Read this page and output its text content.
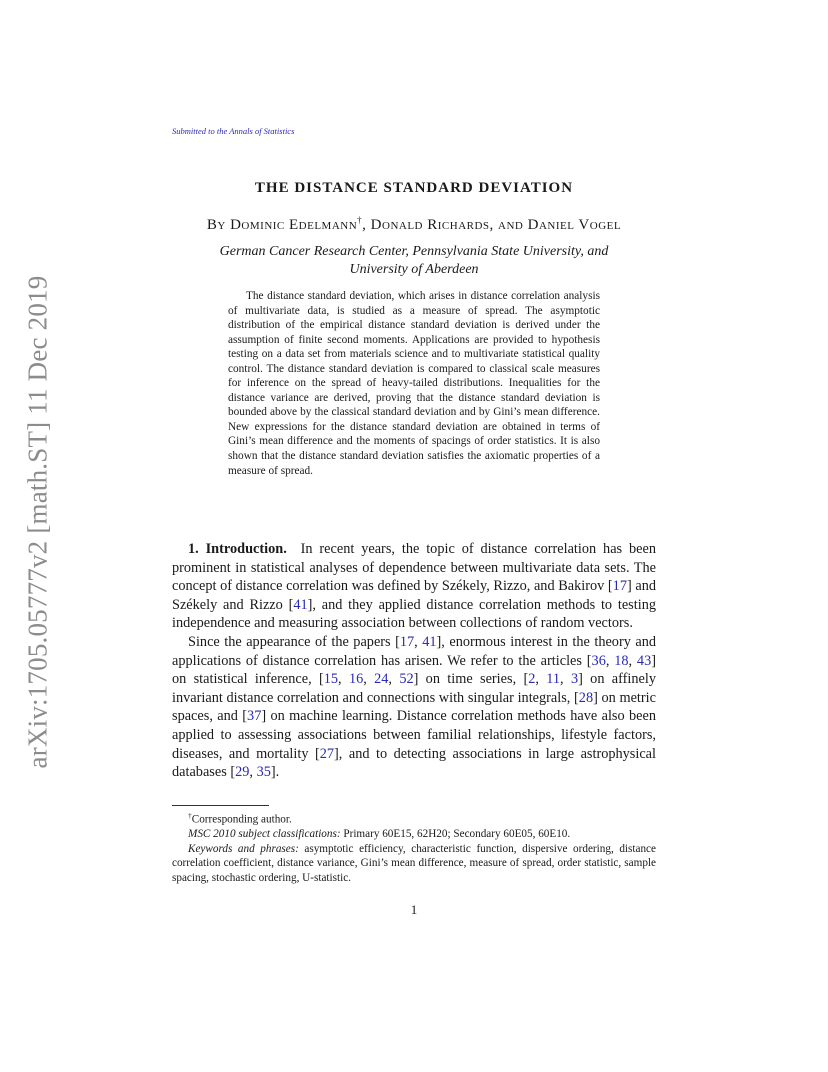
arXiv:1705.05777v2 [math.ST] 11 Dec 2019
Submitted to the Annals of Statistics
THE DISTANCE STANDARD DEVIATION
By Dominic Edelmann†, Donald Richards, and Daniel Vogel
German Cancer Research Center, Pennsylvania State University, and
University of Aberdeen

The distance standard deviation, which arises in distance correlation analysis of multivariate data, is studied as a measure of spread. The asymptotic distribution of the empirical distance standard deviation is derived under the assumption of finite second moments. Applications are provided to hypothesis testing on a data set from materials science and to multivariate statistical quality control. The distance standard deviation is compared to classical scale measures for inference on the spread of heavy-tailed distributions. Inequalities for the distance variance are derived, proving that the distance standard deviation is bounded above by the classical standard deviation and by Gini’s mean difference. New expressions for the distance standard deviation are obtained in terms of Gini’s mean difference and the moments of spacings of order statistics. It is also shown that the distance standard deviation satisfies the axiomatic properties of a measure of spread.

1. Introduction. In recent years, the topic of distance correlation has been prominent in statistical analyses of dependence between multivariate data sets. The concept of distance correlation was defined by Székely, Rizzo, and Bakirov [17] and Székely and Rizzo [41], and they applied distance correlation methods to testing independence and measuring association between collections of random vectors.

Since the appearance of the papers [17, 41], enormous interest in the theory and applications of distance correlation has arisen. We refer to the articles [36, 18, 43] on statistical inference, [15, 16, 24, 52] on time series, [2, 11, 3] on affinely invariant distance correlation and connections with singular integrals, [28] on metric spaces, and [37] on machine learning. Distance correlation methods have also been applied to assessing associations between familial relationships, lifestyle factors, diseases, and mortality [27], and to detecting associations in large astrophysical databases [29, 35].

†Corresponding author.

MSC 2010 subject classifications: Primary 60E15, 62H20; Secondary 60E05, 60E10.

Keywords and phrases: asymptotic efficiency, characteristic function, dispersive ordering, distance correlation coefficient, distance variance, Gini’s mean difference, measure of spread, order statistic, sample spacing, stochastic ordering, U-statistic.

1
